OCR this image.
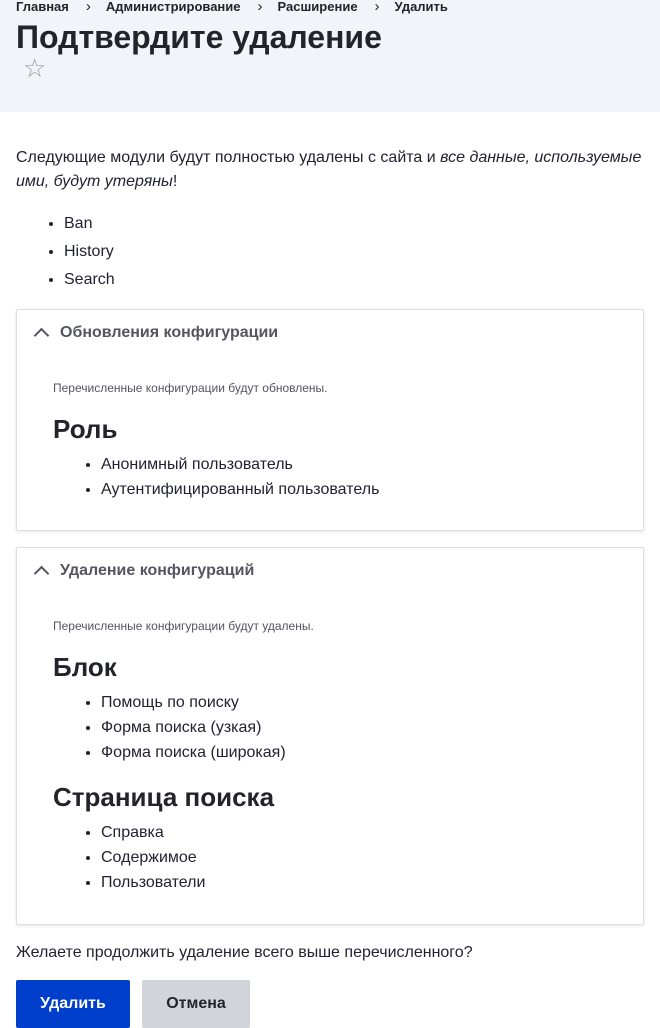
Главная › Администрирование › Расширение › Удалить
Подтвердите удаление
☆

Следующие модули будут полностью удалены с сайта и все данные, используемые ими, будут утеряны!

• Ban
• History
• Search
Обновления конфигурации

Перечисленные конфигурации будут обновлены.

Роль
• Анонимный пользователь
• Аутентифицированный пользователь
Удаление конфигураций

Перечисленные конфигурации будут удалены.

Блок
• Помощь по поиску
• Форма поиска (узкая)
• Форма поиска (широкая)
Страница поиска
• Справка
• Содержимое
• Пользователи

Желаете продолжить удаление всего выше перечисленного?

Удалить	Отмена
